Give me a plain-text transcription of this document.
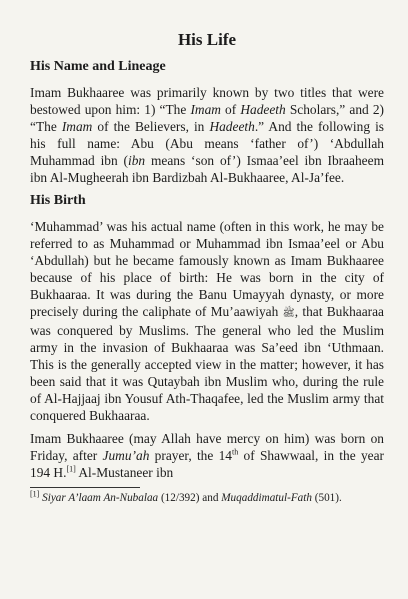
His Life
His Name and Lineage

Imam Bukhaaree was primarily known by two titles that were bestowed upon him: 1) “The Imam of Hadeeth Scholars,” and 2) “The Imam of the Believers, in Hadeeth.” And the following is his full name: Abu (Abu means ‘father of’) ‘Abdullah Muhammad ibn (ibn means ‘son of’) Ismaa’eel ibn Ibraaheem ibn Al-Mugheerah ibn Bardizbah Al-Bukhaaree, Al-Ja’fee.

His Birth

‘Muhammad’ was his actual name (often in this work, he may be referred to as Muhammad or Muhammad ibn Ismaa’eel or Abu ‘Abdullah) but he became famously known as Imam Bukhaaree because of his place of birth: He was born in the city of Bukhaaraa. It was during the Banu Umayyah dynasty, or more precisely during the caliphate of Mu’aawiyah ﷺ, that Bukhaaraa was conquered by Muslims. The general who led the Muslim army in the invasion of Bukhaaraa was Sa’eed ibn ‘Uthmaan. This is the generally accepted view in the matter; however, it has been said that it was Qutaybah ibn Muslim who, during the rule of Al-Hajjaaj ibn Yousuf Ath-Thaqafee, led the Muslim army that conquered Bukhaaraa.

Imam Bukhaaree (may Allah have mercy on him) was born on Friday, after Jumu’ah prayer, the 14th of Shawwaal, in the year 194 H.[1] Al-Mustaneer ibn

[1] Siyar A’laam An-Nubalaa (12/392) and Muqaddimatul-Fath (501).
